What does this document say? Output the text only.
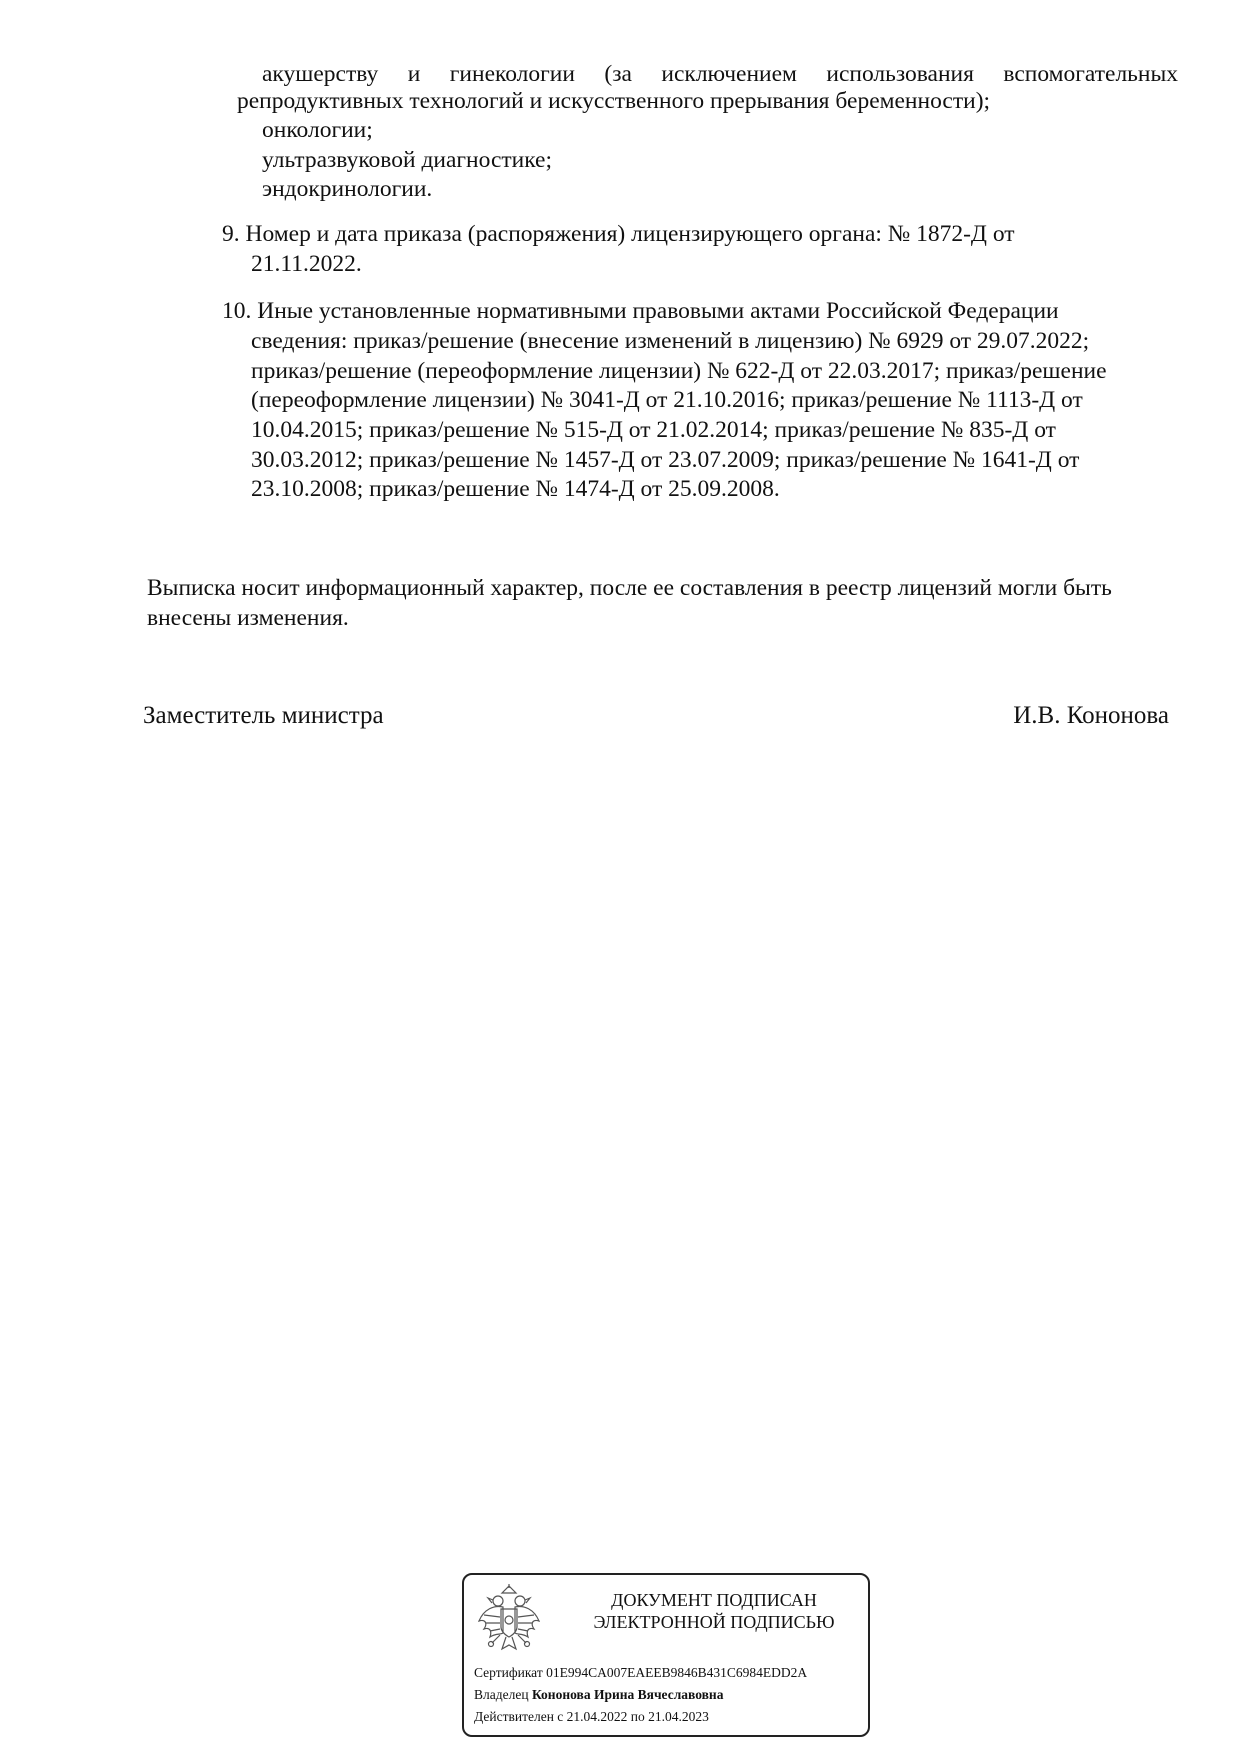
акушерству и гинекологии (за исключением использования вспомогательных
репродуктивных технологий и искусственного прерывания беременности);
онкологии;
ультразвуковой диагностике;
эндокринологии.
9. Номер и дата приказа (распоряжения) лицензирующего органа: № 1872-Д от
21.11.2022.
10. Иные установленные нормативными правовыми актами Российской Федерации
сведения: приказ/решение (внесение изменений в лицензию) № 6929 от 29.07.2022;
приказ/решение (переоформление лицензии) № 622-Д от 22.03.2017; приказ/решение
(переоформление лицензии) № 3041-Д от 21.10.2016; приказ/решение № 1113-Д от
10.04.2015; приказ/решение № 515-Д от 21.02.2014; приказ/решение № 835-Д от
30.03.2012; приказ/решение № 1457-Д от 23.07.2009; приказ/решение № 1641-Д от
23.10.2008; приказ/решение № 1474-Д от 25.09.2008.
Выписка носит информационный характер, после ее составления в реестр лицензий могли быть
внесены изменения.
Заместитель министра	И.В. Кононова
ДОКУМЕНТ ПОДПИСАН
ЭЛЕКТРОННОЙ ПОДПИСЬЮ
Сертификат 01E994CA007EAEEB9846B431C6984EDD2A
Владелец Кононова Ирина Вячеславовна
Действителен с 21.04.2022 по 21.04.2023
